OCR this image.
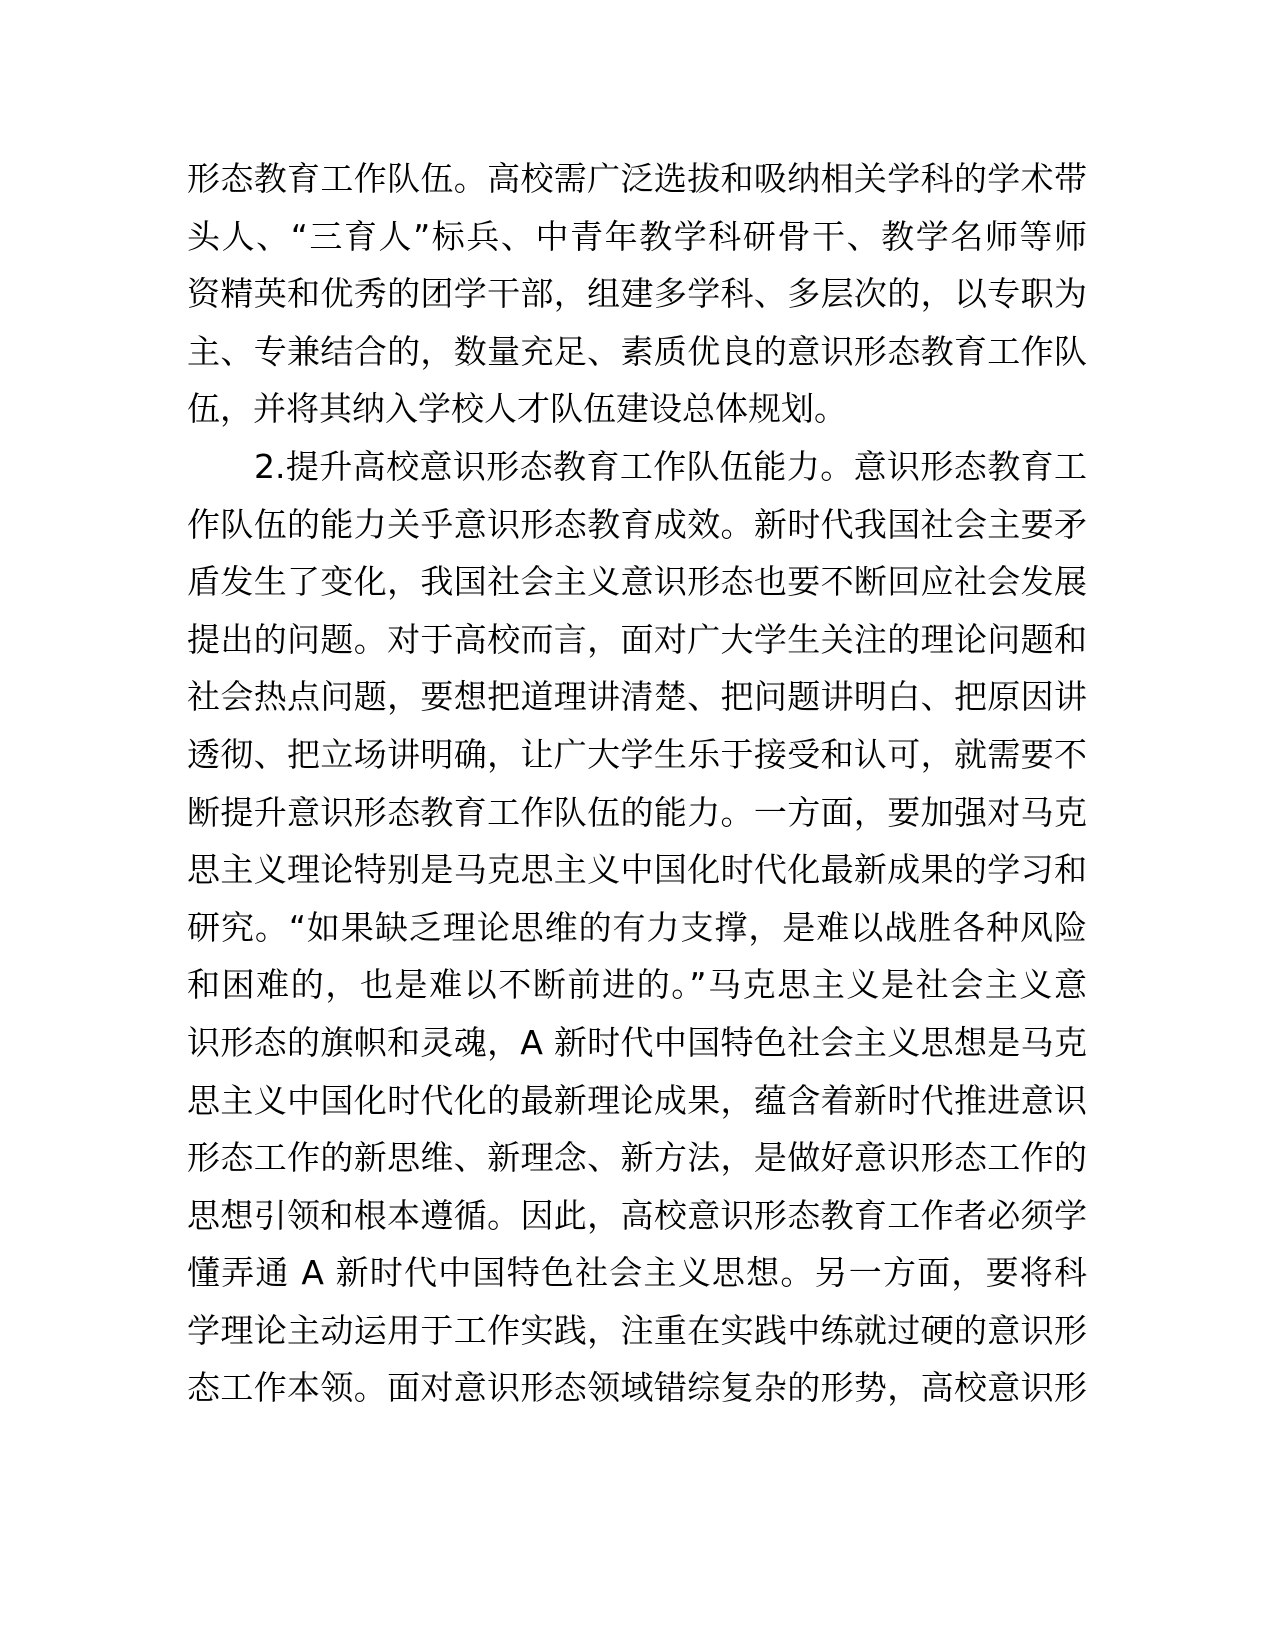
形态教育工作队伍。高校需广泛选拔和吸纳相关学科的学术带
头人、“三育人”标兵、中青年教学科研骨干、教学名师等师
资精英和优秀的团学干部，组建多学科、多层次的，以专职为
主、专兼结合的，数量充足、素质优良的意识形态教育工作队
伍，并将其纳入学校人才队伍建设总体规划。
2.提升高校意识形态教育工作队伍能力。意识形态教育工
作队伍的能力关乎意识形态教育成效。新时代我国社会主要矛
盾发生了变化，我国社会主义意识形态也要不断回应社会发展
提出的问题。对于高校而言，面对广大学生关注的理论问题和
社会热点问题，要想把道理讲清楚、把问题讲明白、把原因讲
透彻、把立场讲明确，让广大学生乐于接受和认可，就需要不
断提升意识形态教育工作队伍的能力。一方面，要加强对马克
思主义理论特别是马克思主义中国化时代化最新成果的学习和
研究。“如果缺乏理论思维的有力支撑，是难以战胜各种风险
和困难的，也是难以不断前进的。”马克思主义是社会主义意
识形态的旗帜和灵魂，A 新时代中国特色社会主义思想是马克
思主义中国化时代化的最新理论成果，蕴含着新时代推进意识
形态工作的新思维、新理念、新方法，是做好意识形态工作的
思想引领和根本遵循。因此，高校意识形态教育工作者必须学
懂弄通 A 新时代中国特色社会主义思想。另一方面，要将科
学理论主动运用于工作实践，注重在实践中练就过硬的意识形
态工作本领。面对意识形态领域错综复杂的形势，高校意识形
